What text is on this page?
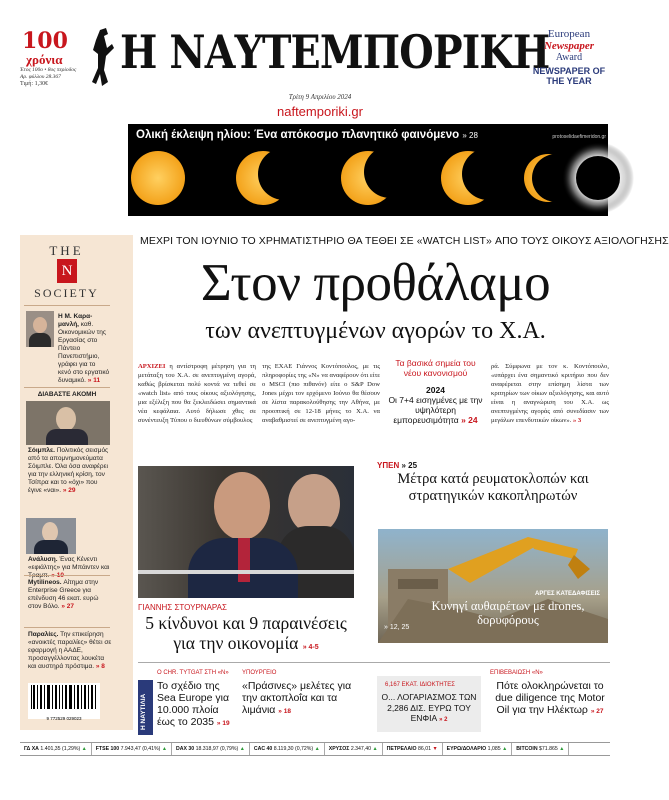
100
χρόνια
Έτος 100ο • 8ος περίοδος
Αρ. φύλλου 28.367
Τιμή: 1,30€
Η ΝΑΥΤΕΜΠΟΡΙΚΗ
Τρίτη 9 Απριλίου 2024
naftemporiki.gr
European
Newspaper
Award
NEWSPAPER OF THE YEAR
Ολική έκλειψη ηλίου: Ένα απόκοσμο πλανητικό φαινόμενο » 28	protoselidaefimeridon.gr
THE
N
SOCIETY
Η Μ. Καρα-μανλή, καθ. Οικονομικών της Εργασίας στο Πάντειο Πανεπιστήμιο, γράφει για το κενό στο εργατικό δυναμικό. » 11
ΔΙΑΒΑΣΤΕ ΑΚΟΜΗ
Σόιμπλε. Πολιτικός σεισμός από τα απομνημονεύματα Σόιμπλε. Όλα όσα αναφέρει για την ελληνική κρίση, τον Τσίπρα και το «όχι» που έγινε «ναι». » 29
Ανάλυση. Ένας Κένεντι «εφιάλτης» για Μπάιντεν και
Mytilineos. Αίτημα στην Enterprise Greece για επένδυση 46 εκατ. ευρώ στον Βόλο. » 27
Παραλίες. Την επικείρηση «ανοικτές παραλίες» θέτει σε εφαρμογή η ΑΑΔΕ, προσαγγέλλοντας λουκέτα και αυστηρά πρόστιμα. » 8
9 772529 029023
ΜΕΧΡΙ ΤΟΝ ΙΟΥΝΙΟ ΤΟ ΧΡΗΜΑΤΙΣΤΗΡΙΟ ΘΑ ΤΕΘΕΙ ΣΕ «WATCH LIST» ΑΠΟ ΤΟΥΣ ΟΙΚΟΥΣ ΑΞΙΟΛΟΓΗΣΗΣ
Στον προθάλαμο
των ανεπτυγμένων αγορών το Χ.Α.
ΑΡΧΙΖΕΙ η αντίστροφη μέτρηση για τη μετάταξη του Χ.Α. σε ανεπτυγμένη αγορά, καθώς βρίσκεται πολύ κοντά να τεθεί σε «watch list» από τους οίκους αξιολόγησης, μια εξέλιξη που θα ξεκλειδώσει σημαντικά νέα κεφάλαια. Αυτό δήλωσε χθες σε συνέντευξη Τύπου ο διευθύνων σύμβουλος
της ΕΧΑΕ Γιάννος Κοντόπουλος, με τις πληροφορίες της «Ν» να αναφέρουν ότι είτε ο MSCI (πιο πιθανόν) είτε ο S&P Dow Jones μέχρι τον ερχόμενο Ιούνιο θα θέσουν σε λίστα παρακολούθησης την Αθήνα, με προοπτική σε 12-18 μήνες το Χ.Α. να αναβαθμιστεί σε ανεπτυγμένη αγο-
Τα βασικά σημεία του νέου κανονισμού
2024
Οι 7+4 εισηγμένες με την υψηλότερη εμπορευσιμότητα » 24
ρά. Σύμφωνα με τον κ. Κοντόπουλο, «υπάρχει ένα σημαντικό κριτήριο που δεν αναφέρεται στην επίσημη λίστα των κριτηρίων των οίκων αξιολόγησης, και αυτό είναι η αναγνώριση του Χ.Α. ως ανεπτυγμένης αγοράς από συνεδίασιν των μεγάλων επενδυτικών οίκων». » 3
ΓΙΑΝΝΗΣ ΣΤΟΥΡΝΑΡΑΣ
5 κίνδυνοι και 9 παραινέσεις για την οικονομία » 4-5
ΥΠΕΝ » 25
Μέτρα κατά ρευματοκλοπών και στρατηγικών κακοπληρωτών
ΑΡΓΕΣ ΚΑΤΕΔΑΦΙΣΕΙΣ
Κυνηγί αυθαιρέτων με drones, δορυφόρους
» 12, 25
Η ΝΑΥΤΙΛΙΑ
Ο CHR. TYTGAT ΣΤΗ «Ν»
Το σχέδιο της Sea Europe για 10.000 πλοία έως το 2035 » 19
ΥΠΟΥΡΓΕΙΟ
«Πράσινες» μελέτες για την ακτοπλοΐα και τα λιμάνια » 18
6,167 ΕΚΑΤ. ΙΔΙΟΚΤΗΤΕΣ
Ο... ΛΟΓΑΡΙΑΣΜΟΣ ΤΩΝ 2,286 ΔΙΣ. ΕΥΡΩ ΤΟΥ ΕΝΦΙΑ » 2
ΕΠΙΒΕΒΑΙΩΣΗ «Ν»
Πότε ολοκληρώνεται το due diligence της Motor Oil για την Ηλέκτωρ » 27
ΓΔ ΧΑ 1.401,35 (1,29%) ▲	FTSE 100 7.943,47 (0,41%) ▲	DAX 30 18.318,97 (0,79%) ▲	CAC 40 8.119,30 (0,72%) ▲	ΧΡΥΣΟΣ 2.347,40 ▲	ΠΕΤΡΕΛΑΙΟ 86,01 ▼	ΕΥΡΩ/ΔΟΛΑΡΙΟ 1,085 ▲	BITCOIN $71.865 ▲
